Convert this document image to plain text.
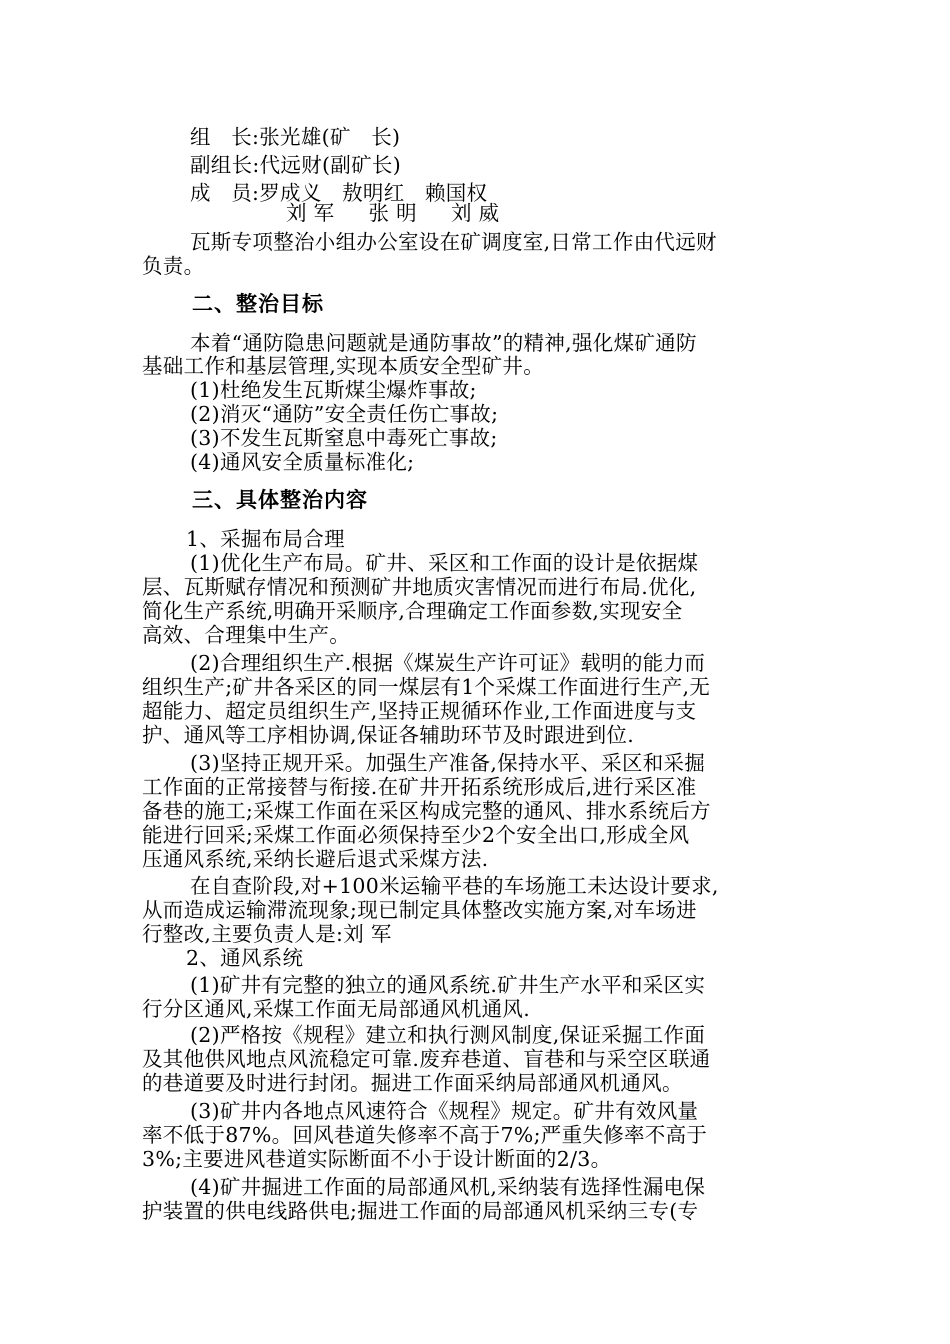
组   长:张光雄(矿   长)
副组长:代远财(副矿长)
成   员:罗成义   敖明红   赖国权
刘 军     张 明     刘 威
瓦斯专项整治小组办公室设在矿调度室,日常工作由代远财
负责。
二、整治目标
本着“通防隐患问题就是通防事故”的精神,强化煤矿通防
基础工作和基层管理,实现本质安全型矿井。
(1)杜绝发生瓦斯煤尘爆炸事故;
(2)消灭“通防”安全责任伤亡事故;
(3)不发生瓦斯窒息中毒死亡事故;
(4)通风安全质量标准化;
三、具体整治内容
1、采掘布局合理
(1)优化生产布局。矿井、采区和工作面的设计是依据煤
层、瓦斯赋存情况和预测矿井地质灾害情况而进行布局.优化,
简化生产系统,明确开采顺序,合理确定工作面参数,实现安全
高效、合理集中生产。
(2)合理组织生产.根据《煤炭生产许可证》载明的能力而
组织生产;矿井各采区的同一煤层有1个采煤工作面进行生产,无
超能力、超定员组织生产,坚持正规循环作业,工作面进度与支
护、通风等工序相协调,保证各辅助环节及时跟进到位.
(3)坚持正规开采。加强生产准备,保持水平、采区和采掘
工作面的正常接替与衔接.在矿井开拓系统形成后,进行采区准
备巷的施工;采煤工作面在采区构成完整的通风、排水系统后方
能进行回采;采煤工作面必须保持至少2个安全出口,形成全风
压通风系统,采纳长避后退式采煤方法.
在自查阶段,对+100米运输平巷的车场施工未达设计要求,
从而造成运输滞流现象;现已制定具体整改实施方案,对车场进
行整改,主要负责人是:刘 军
2、通风系统
(1)矿井有完整的独立的通风系统.矿井生产水平和采区实
行分区通风,采煤工作面无局部通风机通风.
(2)严格按《规程》建立和执行测风制度,保证采掘工作面
及其他供风地点风流稳定可靠.废弃巷道、盲巷和与采空区联通
的巷道要及时进行封闭。掘进工作面采纳局部通风机通风。
(3)矿井内各地点风速符合《规程》规定。矿井有效风量
率不低于87%。回风巷道失修率不高于7%;严重失修率不高于
3%;主要进风巷道实际断面不小于设计断面的2/3。
(4)矿井掘进工作面的局部通风机,采纳装有选择性漏电保
护装置的供电线路供电;掘进工作面的局部通风机采纳三专(专
